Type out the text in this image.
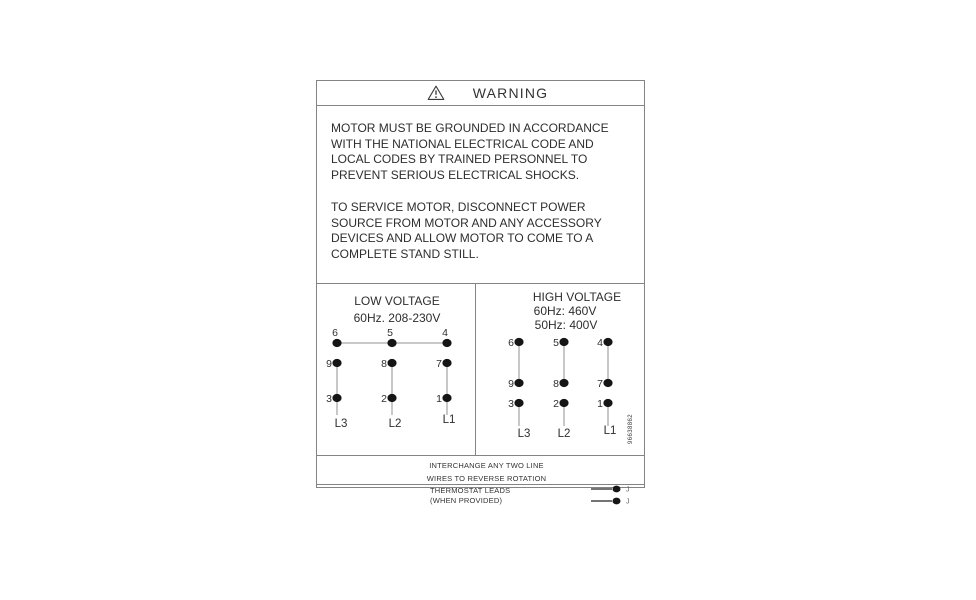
WARNING
MOTOR MUST BE GROUNDED IN ACCORDANCE
WITH THE NATIONAL ELECTRICAL CODE AND
LOCAL CODES BY TRAINED PERSONNEL TO
PREVENT SERIOUS ELECTRICAL SHOCKS.
TO SERVICE MOTOR, DISCONNECT POWER
SOURCE FROM MOTOR AND ANY ACCESSORY
DEVICES AND ALLOW MOTOR TO COME TO A
COMPLETE STAND STILL.
LOW VOLTAGE
60Hz. 208-230V
6	5	4
9	8	7
3	2	1
L3	L2	L1
HIGH VOLTAGE
60Hz: 460V
50Hz: 400V
6	5	4
9	8	7
3	2	1
L3 L2	L1 96638862
INTERCHANGE ANY TWO LINE
WIRES TO REVERSE ROTATION
THERMOSTAT LEADS
(WHEN PROVIDED)
J
J
